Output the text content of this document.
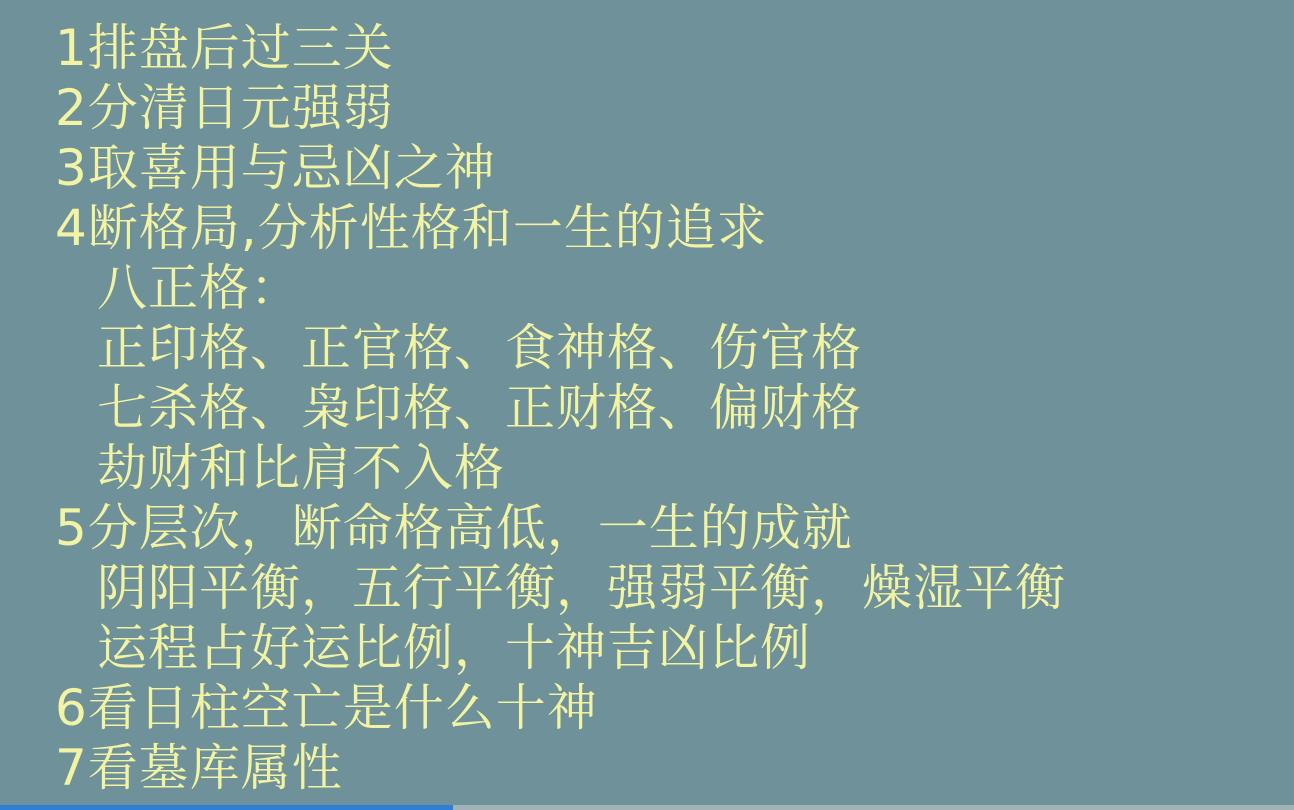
1排盘后过三关
2分清日元强弱
3取喜用与忌凶之神
4断格局,分析性格和一生的追求
八正格：
正印格、正官格、食神格、伤官格
七杀格、枭印格、正财格、偏财格
劫财和比肩不入格
5分层次，断命格高低，一生的成就
阴阳平衡，五行平衡，强弱平衡，燥湿平衡
运程占好运比例，十神吉凶比例
6看日柱空亡是什么十神
7看墓库属性
